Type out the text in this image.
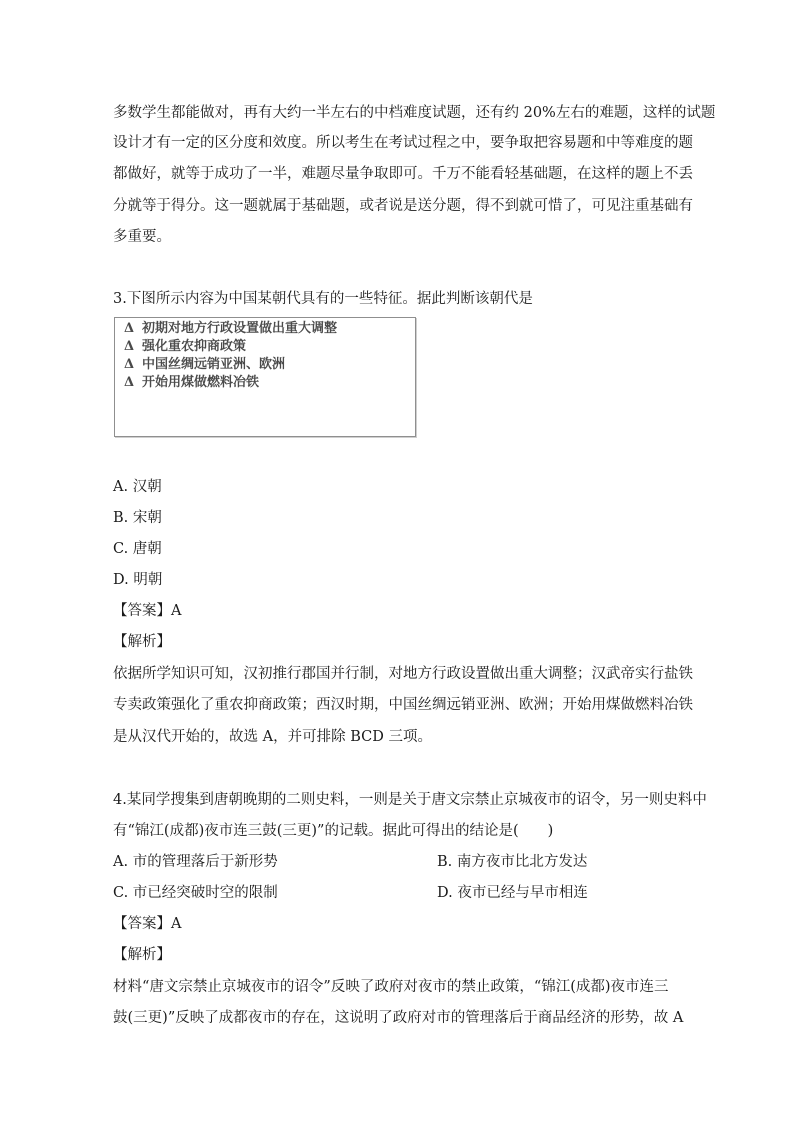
多数学生都能做对，再有大约一半左右的中档难度试题，还有约 20%左右的难题，这样的试题
设计才有一定的区分度和效度。所以考生在考试过程之中，要争取把容易题和中等难度的题
都做好，就等于成功了一半，难题尽量争取即可。千万不能看轻基础题，在这样的题上不丢
分就等于得分。这一题就属于基础题，或者说是送分题，得不到就可惜了，可见注重基础有
多重要。
3.下图所示内容为中国某朝代具有的一些特征。据此判断该朝代是
Δ 初期对地方行政设置做出重大调整
Δ 强化重农抑商政策
Δ 中国丝绸远销亚洲、欧洲
Δ 开始用煤做燃料冶铁
A. 汉朝
B. 宋朝
C. 唐朝
D. 明朝
【答案】A
【解析】
依据所学知识可知，汉初推行郡国并行制，对地方行政设置做出重大调整；汉武帝实行盐铁
专卖政策强化了重农抑商政策；西汉时期，中国丝绸远销亚洲、欧洲；开始用煤做燃料冶铁
是从汉代开始的，故选 A，并可排除 BCD 三项。
4.某同学搜集到唐朝晚期的二则史料，一则是关于唐文宗禁止京城夜市的诏令，另一则史料中
有“锦江(成都)夜市连三鼓(三更)”的记载。据此可得出的结论是(　　)
A. 市的管理落后于新形势	B. 南方夜市比北方发达
C. 市已经突破时空的限制	D. 夜市已经与早市相连
【答案】A
【解析】
材料“唐文宗禁止京城夜市的诏令”反映了政府对夜市的禁止政策，“锦江(成都)夜市连三
鼓(三更)”反映了成都夜市的存在，这说明了政府对市的管理落后于商品经济的形势，故 A
